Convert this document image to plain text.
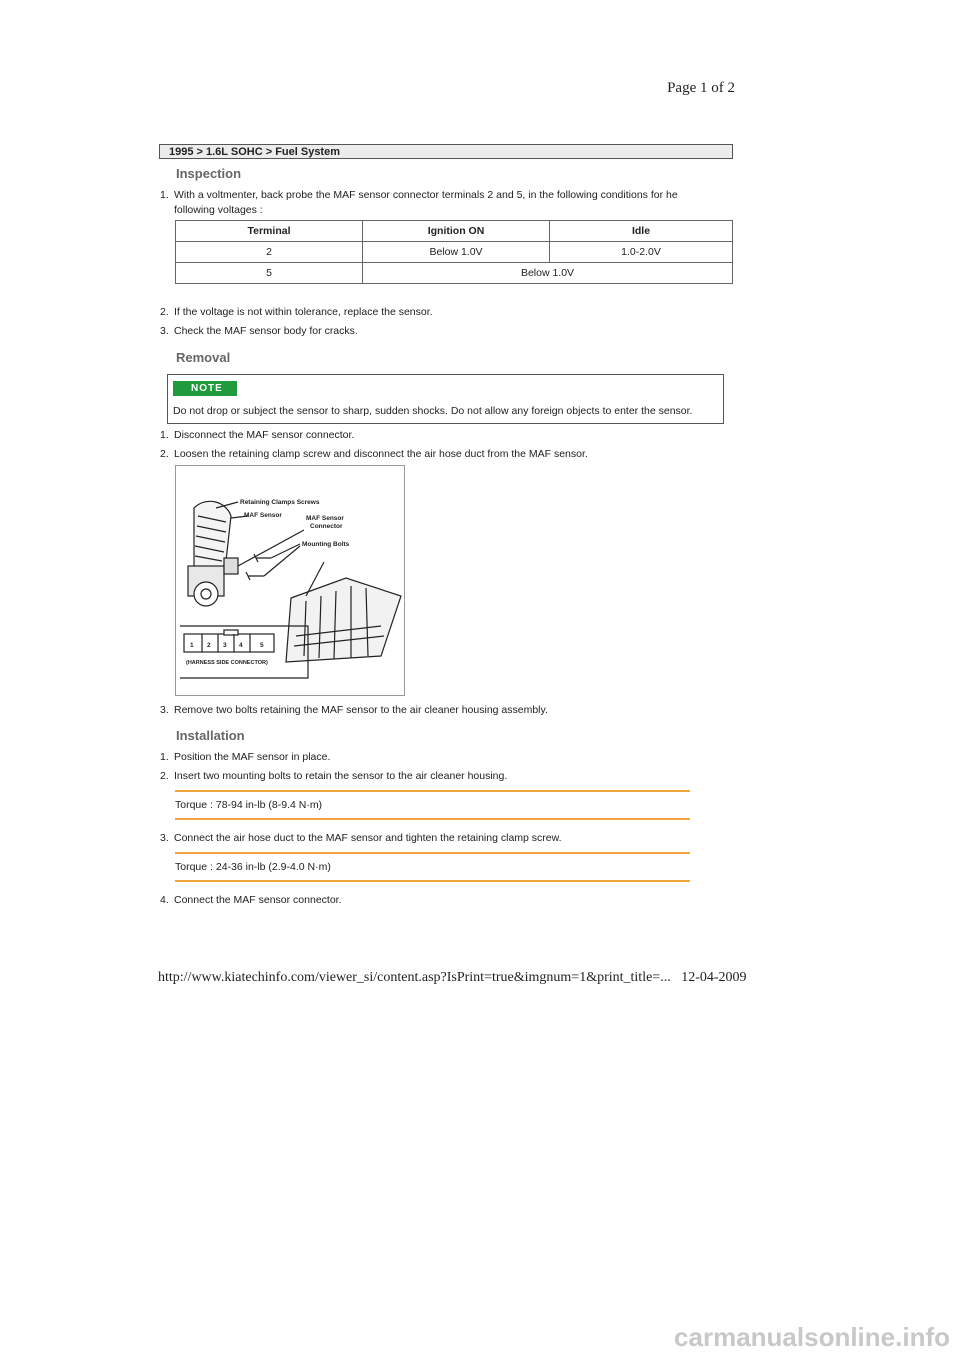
Page 1 of 2
1995 > 1.6L SOHC > Fuel System
Inspection
1. With a voltmenter, back probe the MAF sensor connector terminals 2 and 5, in the following conditions for he following voltages :
Terminal	Ignition ON	Idle
2	Below 1.0V	1.0-2.0V
5	Below 1.0V	
2. If the voltage is not within tolerance, replace the sensor.
3. Check the MAF sensor body for cracks.
Removal
NOTE
Do not drop or subject the sensor to sharp, sudden shocks. Do not allow any foreign objects to enter the sensor.
1. Disconnect the MAF sensor connector.
2. Loosen the retaining clamp screw and disconnect the air hose duct from the MAF sensor.
Retaining Clamps Screws
MAF Sensor	MAF Sensor
Connector
Mounting Bolts
1 2 3 4	5
(HARNESS SIDE CONNECTOR)
3. Remove two bolts retaining the MAF sensor to the air cleaner housing assembly.
Installation
1. Position the MAF sensor in place.
2. Insert two mounting bolts to retain the sensor to the air cleaner housing.
Torque : 78-94 in-lb (8-9.4 N·m)
3. Connect the air hose duct to the MAF sensor and tighten the retaining clamp screw.
Torque : 24-36 in-lb (2.9-4.0 N·m)
4. Connect the MAF sensor connector.
http://www.kiatechinfo.com/viewer_si/content.asp?IsPrint=true&imgnum=1&print_title=... 12-04-2009
carmanualsonline.info
